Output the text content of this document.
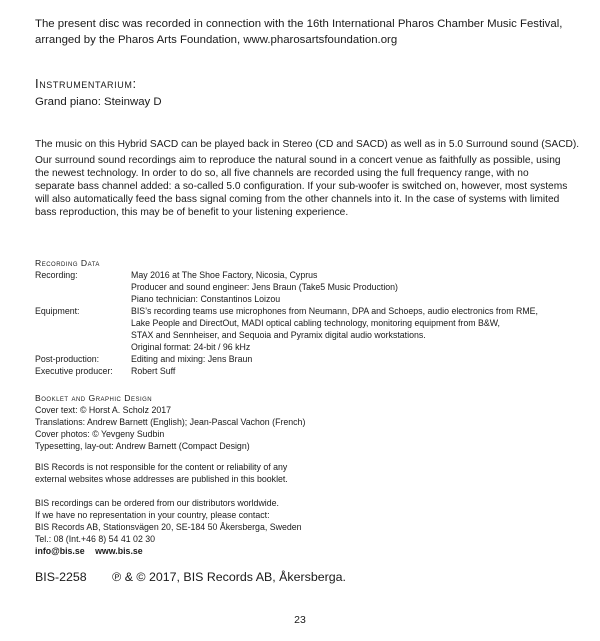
The present disc was recorded in connection with the 16th International Pharos Chamber Music Festival,
arranged by the Pharos Arts Foundation, www.pharosartsfoundation.org
Instrumentarium:
Grand piano: Steinway D

The music on this Hybrid SACD can be played back in Stereo (CD and SACD) as well as in 5.0 Surround sound (SACD).

Our surround sound recordings aim to reproduce the natural sound in a concert venue as faithfully as possible, using
the newest technology. In order to do so, all five channels are recorded using the full frequency range, with no
separate bass channel added: a so-called 5.0 configuration. If your sub-woofer is switched on, however, most systems
will also automatically feed the bass signal coming from the other channels into it. In the case of systems with limited
bass reproduction, this may be of benefit to your listening experience.

Recording Data
Recording:	May 2016 at The Shoe Factory, Nicosia, Cyprus
Producer and sound engineer: Jens Braun (Take5 Music Production)
Piano technician: Constantinos Loizou
Equipment:	BIS’s recording teams use microphones from Neumann, DPA and Schoeps, audio electronics from RME,
Lake People and DirectOut, MADI optical cabling technology, monitoring equipment from B&W,
STAX and Sennheiser, and Sequoia and Pyramix digital audio workstations.
Original format: 24-bit / 96 kHz
Post-production:	Editing and mixing: Jens Braun
Executive producer:	Robert Suff
Booklet and Graphic Design
Cover text: © Horst A. Scholz 2017
Translations: Andrew Barnett (English); Jean-Pascal Vachon (French)
Cover photos: © Yevgeny Sudbin
Typesetting, lay-out: Andrew Barnett (Compact Design)
BIS Records is not responsible for the content or reliability of any
external websites whose addresses are published in this booklet.
BIS recordings can be ordered from our distributors worldwide.
If we have no representation in your country, please contact:
BIS Records AB, Stationsvägen 20, SE-184 50 Åkersberga, Sweden
Tel.: 08 (Int.+46 8) 54 41 02 30
info@bis.se www.bis.se
BIS-2258 ℗ & © 2017, BIS Records AB, Åkersberga.
23
